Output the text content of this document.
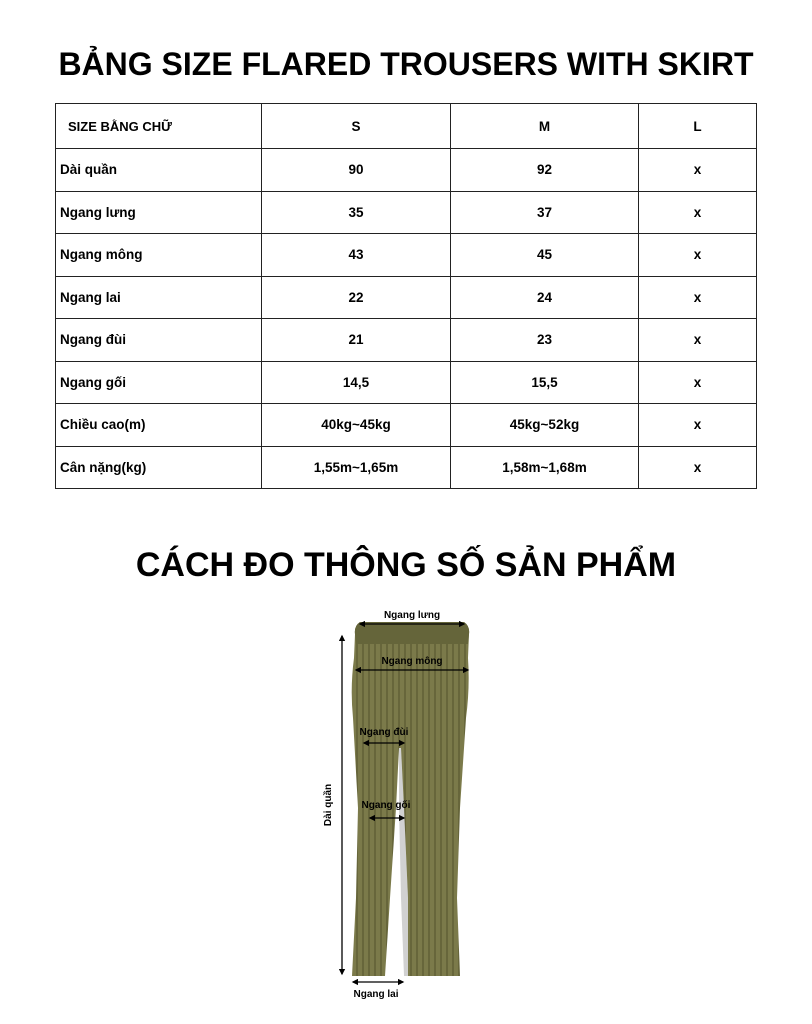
BẢNG SIZE FLARED TROUSERS WITH SKIRT
SIZE BẰNG CHỮ	S	M	L
Dài quần	90	92	x
Ngang lưng	35	37	x
Ngang mông	43	45	x
Ngang lai	22	24	x
Ngang đùi	21	23	x
Ngang gối	14,5	15,5	x
Chiều cao(m)	40kg~45kg	45kg~52kg	x
Cân nặng(kg)	1,55m~1,65m	1,58m~1,68m	x
CÁCH ĐO THÔNG SỐ SẢN PHẨM
Ngang lưng
Ngang mông
Ngang đùi
Ngang gối
Dài quần
Ngang lai
